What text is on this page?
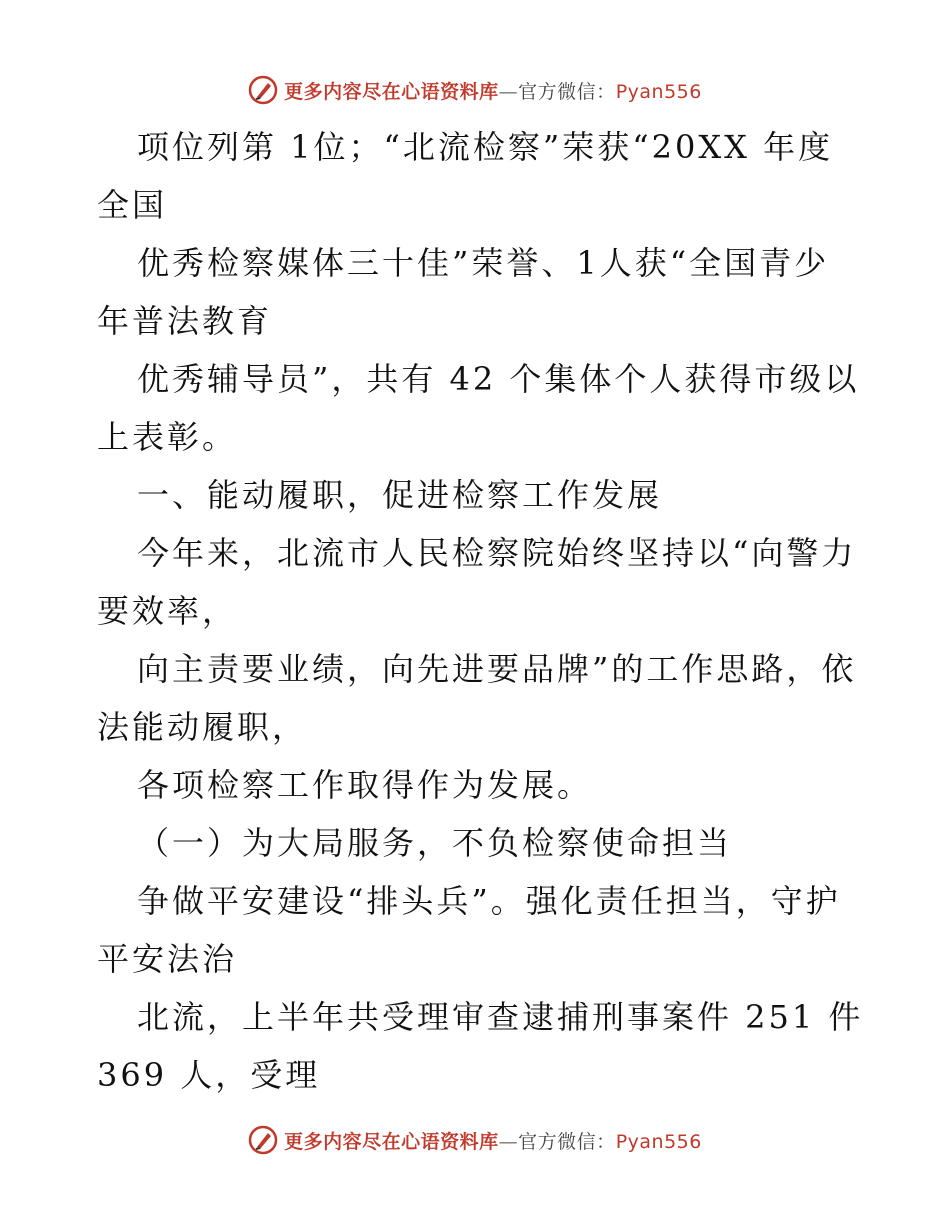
更多内容尽在心语资料库—官方微信：Pyan556
项位列第 1位；“北流检察”荣获“20XX 年度
全国
优秀检察媒体三十佳”荣誉、1人获“全国青少
年普法教育
优秀辅导员”，共有 42 个集体个人获得市级以
上表彰。
一、能动履职，促进检察工作发展
今年来，北流市人民检察院始终坚持以“向警力
要效率，
向主责要业绩，向先进要品牌”的工作思路，依
法能动履职，
各项检察工作取得作为发展。
（一）为大局服务，不负检察使命担当
争做平安建设“排头兵”。强化责任担当，守护
平安法治
北流，上半年共受理审查逮捕刑事案件 251 件
369 人，受理
更多内容尽在心语资料库—官方微信：Pyan556
